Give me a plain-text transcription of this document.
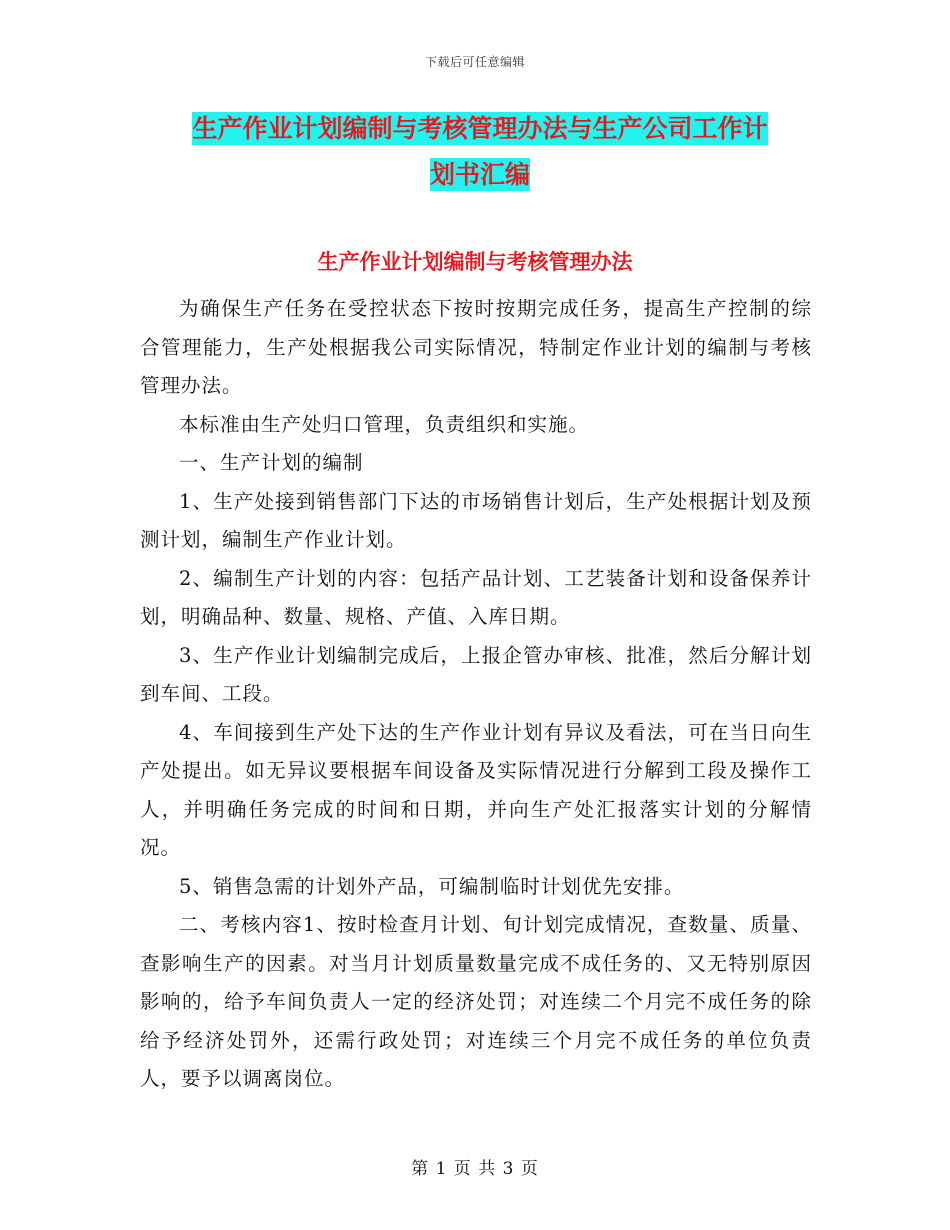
下载后可任意编辑
生产作业计划编制与考核管理办法与生产公司工作计
划书汇编
生产作业计划编制与考核管理办法

为确保生产任务在受控状态下按时按期完成任务，提高生产控制的综合管理能力，生产处根据我公司实际情况，特制定作业计划的编制与考核管理办法。

本标准由生产处归口管理，负责组织和实施。

一、生产计划的编制

1、生产处接到销售部门下达的市场销售计划后，生产处根据计划及预测计划，编制生产作业计划。

2、编制生产计划的内容：包括产品计划、工艺装备计划和设备保养计划，明确品种、数量、规格、产值、入库日期。

3、生产作业计划编制完成后，上报企管办审核、批准，然后分解计划到车间、工段。

4、车间接到生产处下达的生产作业计划有异议及看法，可在当日向生产处提出。如无异议要根据车间设备及实际情况进行分解到工段及操作工人，并明确任务完成的时间和日期，并向生产处汇报落实计划的分解情况。

5、销售急需的计划外产品，可编制临时计划优先安排。

二、考核内容1、按时检查月计划、旬计划完成情况，查数量、质量、查影响生产的因素。对当月计划质量数量完成不成任务的、又无特别原因影响的，给予车间负责人一定的经济处罚；对连续二个月完不成任务的除给予经济处罚外，还需行政处罚；对连续三个月完不成任务的单位负责人，要予以调离岗位。

第 1 页 共 3 页
